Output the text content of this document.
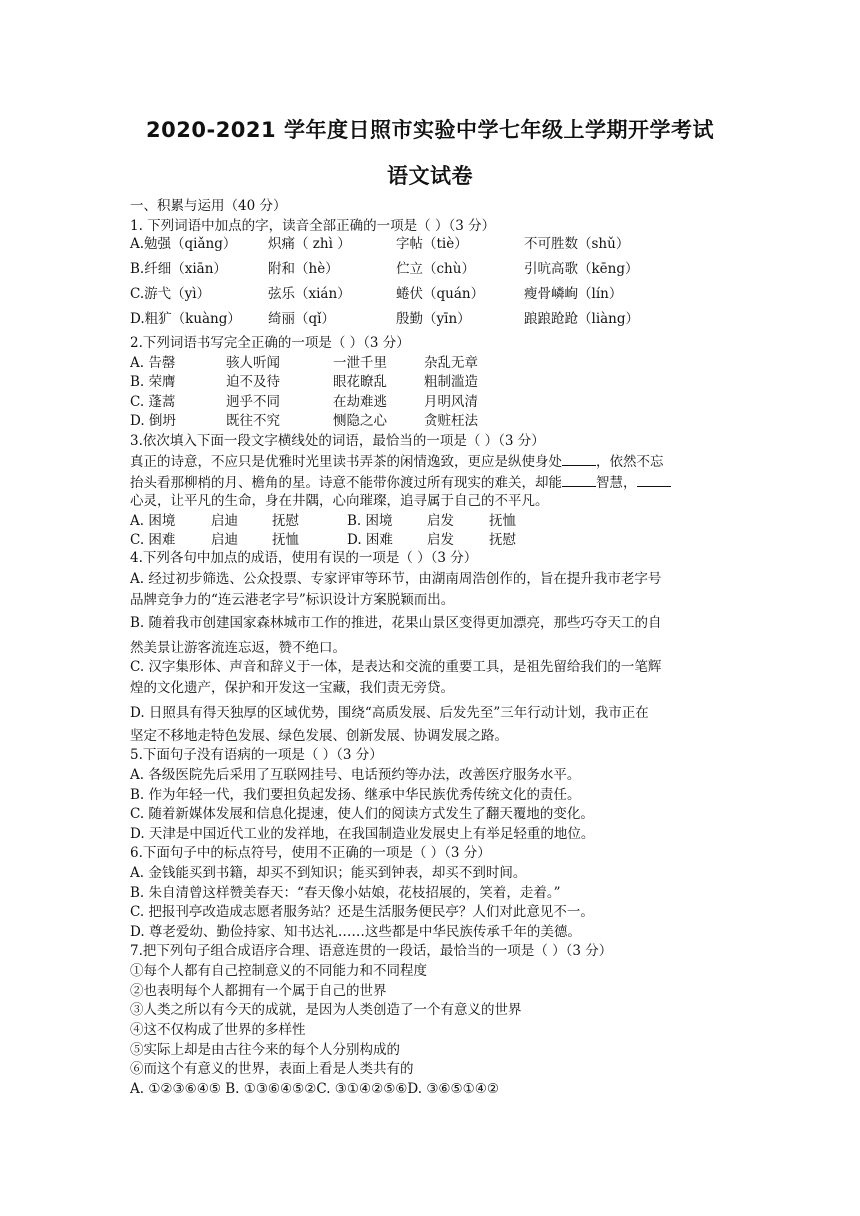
2020-2021 学年度日照市实验中学七年级上学期开学考试
语文试卷
一、积累与运用（40 分）
1. 下列词语中加点的字，读音全部正确的一项是（ ）（3 分）
A.勉强（qiǎng） 炽痛（ zhì ）	字帖（tiè）	不可胜数（shǔ）
B.纤细（xiān）	附和（hè）	伫立（chù）	引吭高歌（kēng）
C.游弋（yì）	弦乐（xián）	蜷伏（quán）	瘦骨嶙峋（lín）
D.粗犷（kuàng） 绮丽（qǐ）	殷勤（yīn）	踉踉跄跄（liàng）
2.下列词语书写完全正确的一项是（ ）（3 分）
A. 告罄	骇人听闻	一泄千里	杂乱无章
B. 荣膺	迫不及待	眼花瞭乱	粗制滥造
C. 蓬蒿	迥乎不同	在劫难逃	月明风清
D. 倒坍	既往不究	恻隐之心	贪赃枉法
3.依次填入下面一段文字横线处的词语，最恰当的一项是（ ）（3 分）
真正的诗意，不应只是优雅时光里读书弄茶的闲情逸致，更应是纵使身处	，依然不忘
抬头看那柳梢的月、檐角的星。诗意不能带你渡过所有现实的难关，却能	智慧，
心灵，让平凡的生命，身在井隅，心向璀璨，追寻属于自己的不平凡。
A. 困境	启迪	抚慰	B. 困境	启发	抚恤
C. 困难	启迪	抚恤	D. 困难	启发	抚慰
4.下列各句中加点的成语，使用有误的一项是（ ）（3 分）
A. 经过初步筛选、公众投票、专家评审等环节，由湖南周浩创作的，旨在提升我市老字号
品牌竞争力的“连云港老字号”标识设计方案脱颖而出。
B. 随着我市创建国家森林城市工作的推进，花果山景区变得更加漂亮，那些巧夺天工的自
然美景让游客流连忘返，赞不绝口。
C. 汉字集形体、声音和辞义于一体，是表达和交流的重要工具，是祖先留给我们的一笔辉
煌的文化遗产，保护和开发这一宝藏，我们责无旁贷。
D. 日照具有得天独厚的区域优势，围绕“高质发展、后发先至”三年行动计划，我市正在
坚定不移地走特色发展、绿色发展、创新发展、协调发展之路。
5.下面句子没有语病的一项是（ ）（3 分）
A. 各级医院先后采用了互联网挂号、电话预约等办法，改善医疗服务水平。
B. 作为年轻一代，我们要担负起发扬、继承中华民族优秀传统文化的责任。
C. 随着新媒体发展和信息化提速，使人们的阅读方式发生了翻天覆地的变化。
D. 天津是中国近代工业的发祥地，在我国制造业发展史上有举足轻重的地位。
6.下面句子中的标点符号，使用不正确的一项是（ ）（3 分）
A. 金钱能买到书籍，却买不到知识；能买到钟表，却买不到时间。
B. 朱自清曾这样赞美春天：“春天像小姑娘，花枝招展的，笑着，走着。”
C. 把报刊亭改造成志愿者服务站？还是生活服务便民亭？人们对此意见不一。
D. 尊老爱幼、勤俭持家、知书达礼……这些都是中华民族传承千年的美德。
7.把下列句子组合成语序合理、语意连贯的一段话，最恰当的一项是（ ）（3 分）
①每个人都有自己控制意义的不同能力和不同程度
②也表明每个人都拥有一个属于自己的世界
③人类之所以有今天的成就，是因为人类创造了一个有意义的世界
④这不仅构成了世界的多样性
⑤实际上却是由古往今来的每个人分别构成的
⑥而这个有意义的世界，表面上看是人类共有的
A. ①②③⑥④⑤ B. ①③⑥④⑤②C. ③①④②⑤⑥D. ③⑥⑤①④②
